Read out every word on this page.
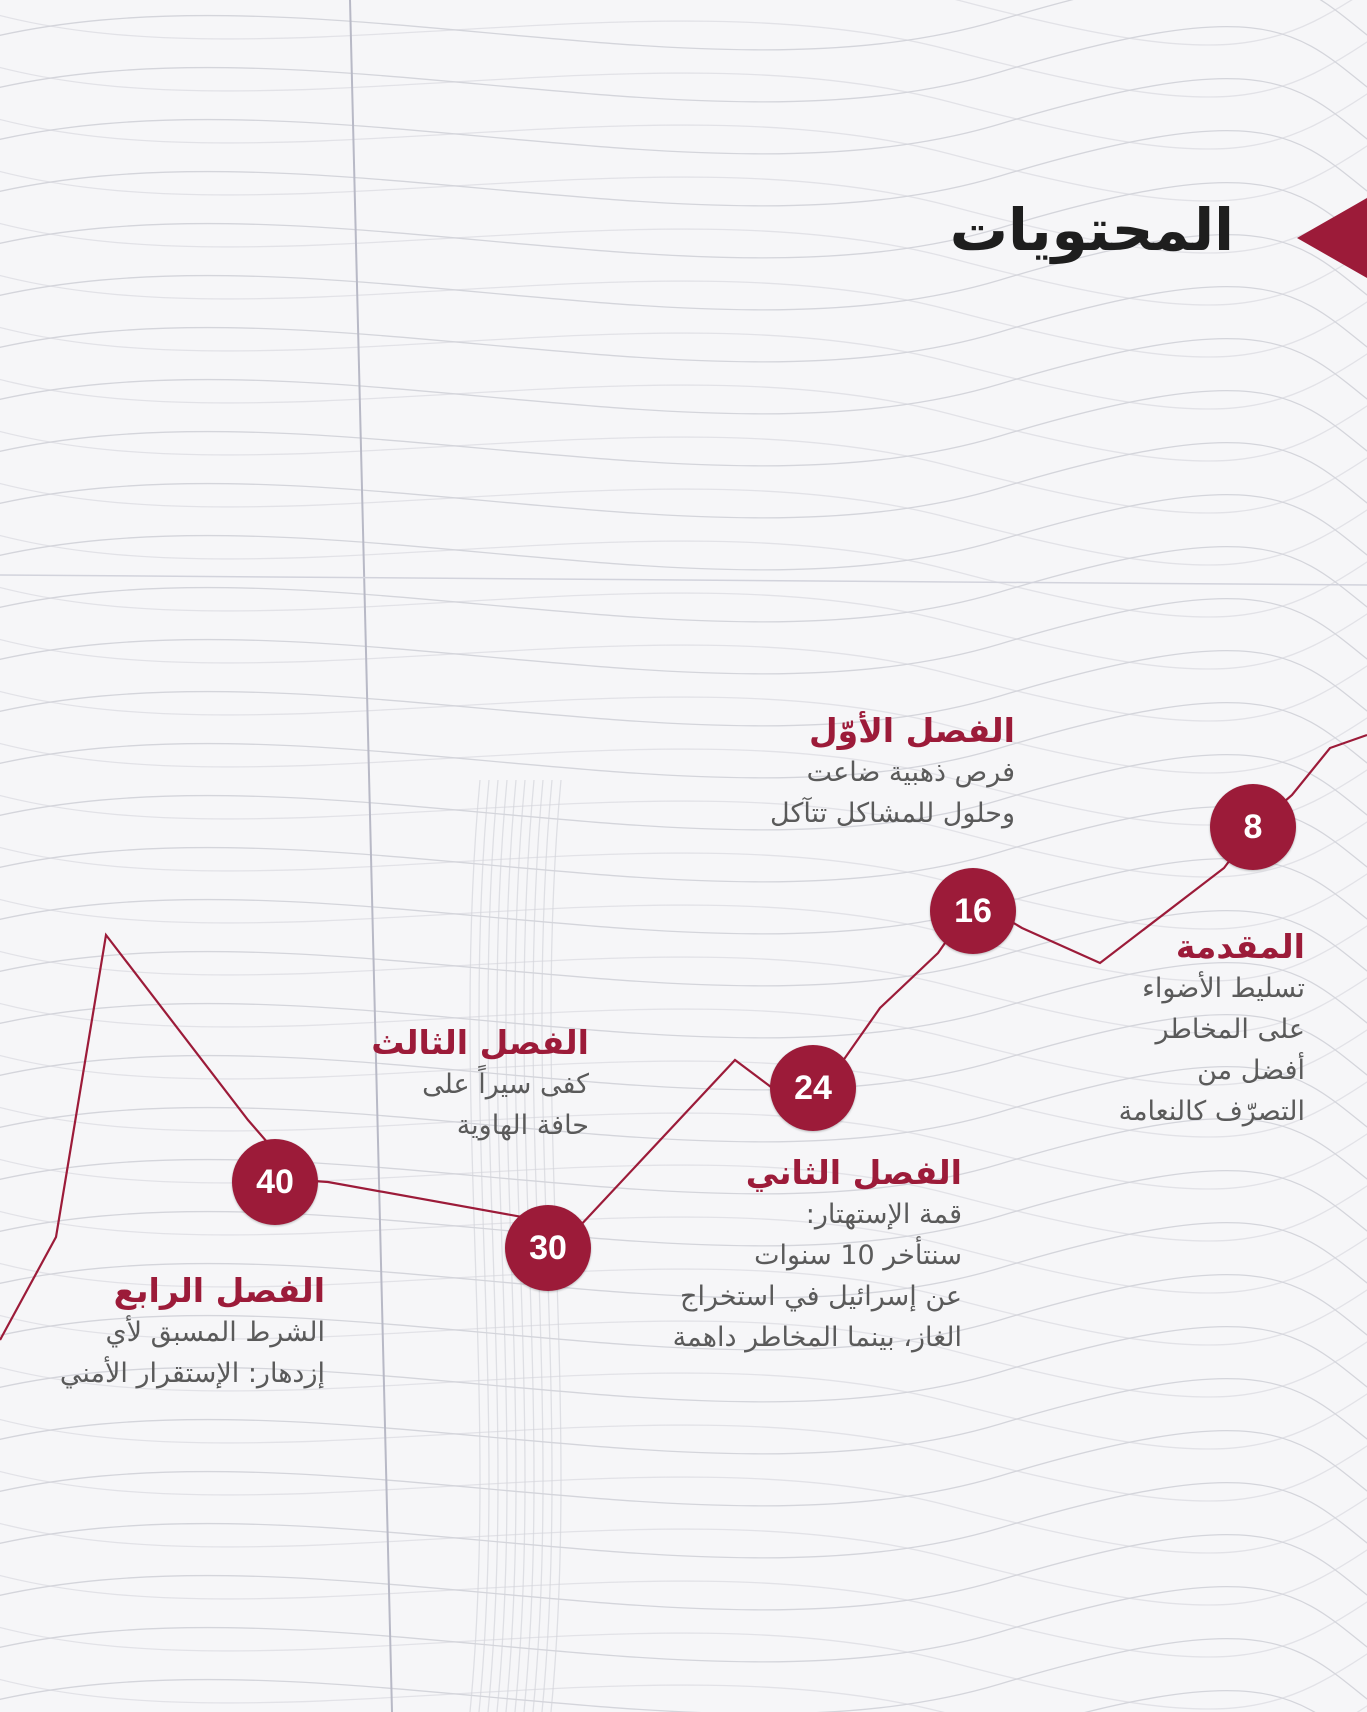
المحتويات
8
16
24
30
40
المقدمة
تسليط الأضواء
على المخاطر
أفضل من
التصرّف كالنعامة
الفصل الأوّل
فرص ذهبية ضاعت
وحلول للمشاكل تتآكل
الفصل الثاني
قمة الإستهتار:
سنتأخر 10 سنوات
عن إسرائيل في استخراج
الغاز، بينما المخاطر داهمة
الفصل الثالث
كفى سيراً على
حافة الهاوية
الفصل الرابع
الشرط المسبق لأي
إزدهار: الإستقرار الأمني
